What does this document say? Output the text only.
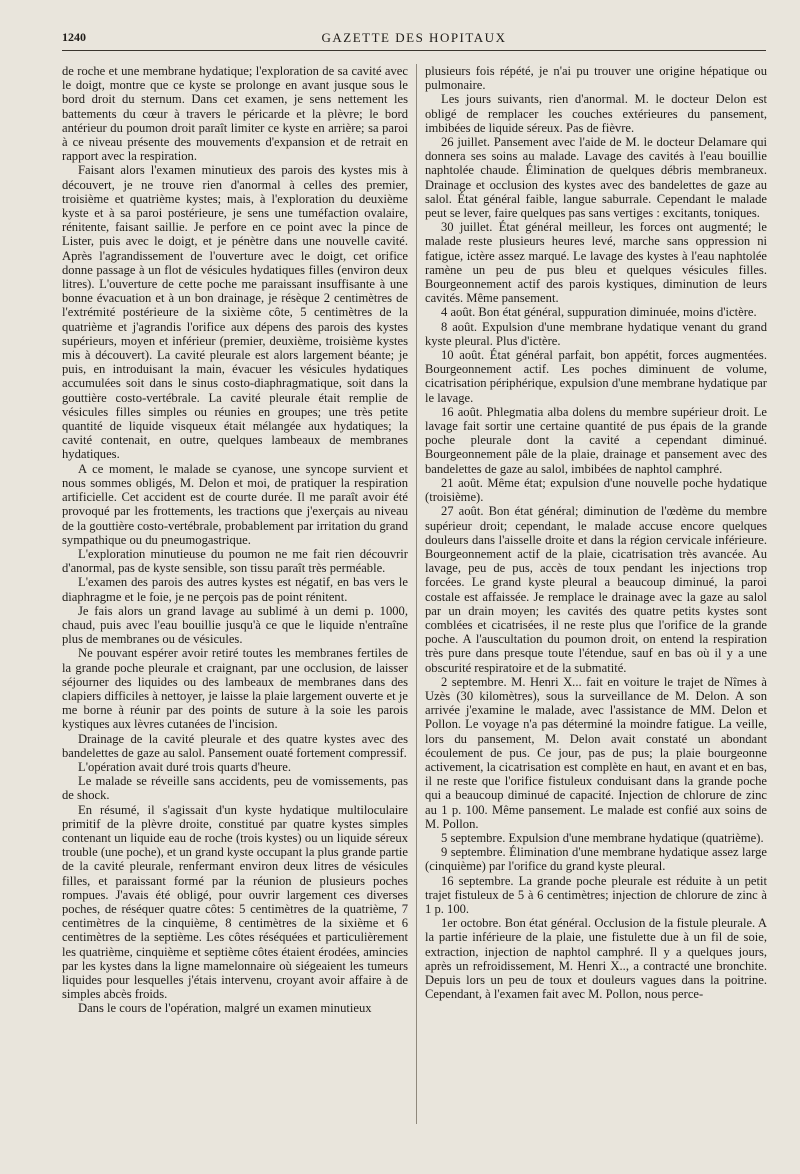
1240	GAZETTE DES HOPITAUX

de roche et une membrane hydatique; l'exploration de sa cavité avec le doigt, montre que ce kyste se prolonge en avant jusque sous le bord droit du sternum. Dans cet examen, je sens nettement les battements du cœur à travers le péricarde et la plèvre; le bord antérieur du poumon droit paraît limiter ce kyste en arrière; sa paroi à ce niveau présente des mouvements d'expansion et de retrait en rapport avec la respiration.

Faisant alors l'examen minutieux des parois des kystes mis à découvert, je ne trouve rien d'anormal à celles des premier, troisième et quatrième kystes; mais, à l'exploration du deuxième kyste et à sa paroi postérieure, je sens une tuméfaction ovalaire, rénitente, faisant saillie. Je perfore en ce point avec la pince de Lister, puis avec le doigt, et je pénètre dans une nouvelle cavité. Après l'agrandissement de l'ouverture avec le doigt, cet orifice donne passage à un flot de vésicules hydatiques filles (environ deux litres). L'ouverture de cette poche me paraissant insuffisante à une bonne évacuation et à un bon drainage, je résèque 2 centimètres de l'extrémité postérieure de la sixième côte, 5 centimètres de la quatrième et j'agrandis l'orifice aux dépens des parois des kystes supérieurs, moyen et inférieur (premier, deuxième, troisième kystes mis à découvert). La cavité pleurale est alors largement béante; je puis, en introduisant la main, évacuer les vésicules hydatiques accumulées soit dans le sinus costo-diaphragmatique, soit dans la gouttière costo-vertébrale. La cavité pleurale était remplie de vésicules filles simples ou réunies en groupes; une très petite quantité de liquide visqueux était mélangée aux hydatiques; la cavité contenait, en outre, quelques lambeaux de membranes hydatiques.

A ce moment, le malade se cyanose, une syncope survient et nous sommes obligés, M. Delon et moi, de pratiquer la respiration artificielle. Cet accident est de courte durée. Il me paraît avoir été provoqué par les frottements, les tractions que j'exerçais au niveau de la gouttière costo-vertébrale, probablement par irritation du grand sympathique ou du pneumogastrique.

L'exploration minutieuse du poumon ne me fait rien découvrir d'anormal, pas de kyste sensible, son tissu paraît très perméable.

L'examen des parois des autres kystes est négatif, en bas vers le diaphragme et le foie, je ne perçois pas de point rénitent.

Je fais alors un grand lavage au sublimé à un demi p. 1000, chaud, puis avec l'eau bouillie jusqu'à ce que le liquide n'entraîne plus de membranes ou de vésicules.

Ne pouvant espérer avoir retiré toutes les membranes fertiles de la grande poche pleurale et craignant, par une occlusion, de laisser séjourner des liquides ou des lambeaux de membranes dans des clapiers difficiles à nettoyer, je laisse la plaie largement ouverte et je me borne à réunir par des points de suture à la soie les parois kystiques aux lèvres cutanées de l'incision.

Drainage de la cavité pleurale et des quatre kystes avec des bandelettes de gaze au salol. Pansement ouaté fortement compressif.

L'opération avait duré trois quarts d'heure.

Le malade se réveille sans accidents, peu de vomissements, pas de shock.

En résumé, il s'agissait d'un kyste hydatique multiloculaire primitif de la plèvre droite, constitué par quatre kystes simples contenant un liquide eau de roche (trois kystes) ou un liquide séreux trouble (une poche), et un grand kyste occupant la plus grande partie de la cavité pleurale, renfermant environ deux litres de vésicules filles, et paraissant formé par la réunion de plusieurs poches rompues. J'avais été obligé, pour ouvrir largement ces diverses poches, de réséquer quatre côtes: 5 centimètres de la quatrième, 7 centimètres de la cinquième, 8 centimètres de la sixième et 6 centimètres de la septième. Les côtes réséquées et particulièrement les quatrième, cinquième et septième côtes étaient érodées, amincies par les kystes dans la ligne mamelonnaire où siégeaient les tumeurs liquides pour lesquelles j'étais intervenu, croyant avoir affaire à de simples abcès froids.

Dans le cours de l'opération, malgré un examen minutieux

plusieurs fois répété, je n'ai pu trouver une origine hépatique ou pulmonaire.

Les jours suivants, rien d'anormal. M. le docteur Delon est obligé de remplacer les couches extérieures du pansement, imbibées de liquide séreux. Pas de fièvre.

26 juillet. Pansement avec l'aide de M. le docteur Delamare qui donnera ses soins au malade. Lavage des cavités à l'eau bouillie naphtolée chaude. Élimination de quelques débris membraneux. Drainage et occlusion des kystes avec des bandelettes de gaze au salol. État général faible, langue saburrale. Cependant le malade peut se lever, faire quelques pas sans vertiges : excitants, toniques.

30 juillet. État général meilleur, les forces ont augmenté; le malade reste plusieurs heures levé, marche sans oppression ni fatigue, ictère assez marqué. Le lavage des kystes à l'eau naphtolée ramène un peu de pus bleu et quelques vésicules filles. Bourgeonnement actif des parois kystiques, diminution de leurs cavités. Même pansement.

4 août. Bon état général, suppuration diminuée, moins d'ictère.

8 août. Expulsion d'une membrane hydatique venant du grand kyste pleural. Plus d'ictère.

10 août. État général parfait, bon appétit, forces augmentées. Bourgeonnement actif. Les poches diminuent de volume, cicatrisation périphérique, expulsion d'une membrane hydatique par le lavage.

16 août. Phlegmatia alba dolens du membre supérieur droit. Le lavage fait sortir une certaine quantité de pus épais de la grande poche pleurale dont la cavité a cependant diminué. Bourgeonnement pâle de la plaie, drainage et pansement avec des bandelettes de gaze au salol, imbibées de naphtol camphré.

21 août. Même état; expulsion d'une nouvelle poche hydatique (troisième).

27 août. Bon état général; diminution de l'œdème du membre supérieur droit; cependant, le malade accuse encore quelques douleurs dans l'aisselle droite et dans la région cervicale inférieure. Bourgeonnement actif de la plaie, cicatrisation très avancée. Au lavage, peu de pus, accès de toux pendant les injections trop forcées. Le grand kyste pleural a beaucoup diminué, la paroi costale est affaissée. Je remplace le drainage avec la gaze au salol par un drain moyen; les cavités des quatre petits kystes sont comblées et cicatrisées, il ne reste plus que l'orifice de la grande poche. A l'auscultation du poumon droit, on entend la respiration très pure dans presque toute l'étendue, sauf en bas où il y a une obscurité respiratoire et de la submatité.

2 septembre. M. Henri X... fait en voiture le trajet de Nîmes à Uzès (30 kilomètres), sous la surveillance de M. Delon. A son arrivée j'examine le malade, avec l'assistance de MM. Delon et Pollon. Le voyage n'a pas déterminé la moindre fatigue. La veille, lors du pansement, M. Delon avait constaté un abondant écoulement de pus. Ce jour, pas de pus; la plaie bourgeonne activement, la cicatrisation est complète en haut, en avant et en bas, il ne reste que l'orifice fistuleux conduisant dans la grande poche qui a beaucoup diminué de capacité. Injection de chlorure de zinc au 1 p. 100. Même pansement. Le malade est confié aux soins de M. Pollon.

5 septembre. Expulsion d'une membrane hydatique (quatrième).

9 septembre. Élimination d'une membrane hydatique assez large (cinquième) par l'orifice du grand kyste pleural.

16 septembre. La grande poche pleurale est réduite à un petit trajet fistuleux de 5 à 6 centimètres; injection de chlorure de zinc à 1 p. 100.

1er octobre. Bon état général. Occlusion de la fistule pleurale. A la partie inférieure de la plaie, une fistulette due à un fil de soie, extraction, injection de naphtol camphré. Il y a quelques jours, après un refroidissement, M. Henri X.., a contracté une bronchite. Depuis lors un peu de toux et douleurs vagues dans la poitrine. Cependant, à l'examen fait avec M. Pollon, nous perce-
